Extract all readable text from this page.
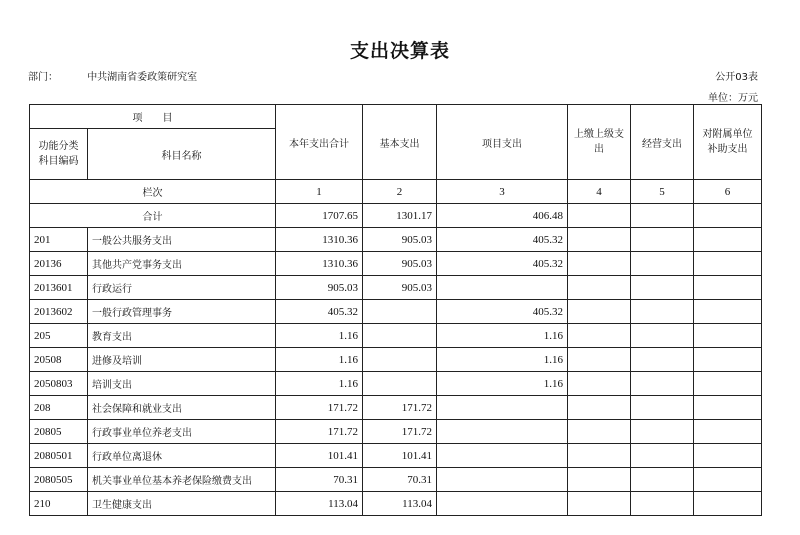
支出决算表
部门：	中共湖南省委政策研究室	公开03表
单位：万元
项　　目		本年支出合计	基本支出	项目支出	上缴上级支出	经营支出	对附属单位补助支出
功能分类科目编码	科目名称						
栏次		1	2	3	4	5	6
合计		1707.65	1301.17	406.48			
201	一般公共服务支出	1310.36	905.03	405.32			
20136	其他共产党事务支出	1310.36	905.03	405.32			
2013601	行政运行	905.03	905.03				
2013602	一般行政管理事务	405.32		405.32			
205	教育支出	1.16		1.16			
20508	进修及培训	1.16		1.16			
2050803	培训支出	1.16		1.16			
208	社会保障和就业支出	171.72	171.72				
20805	行政事业单位养老支出	171.72	171.72				
2080501	行政单位离退休	101.41	101.41				
2080505	机关事业单位基本养老保险缴费支出	70.31	70.31				
210	卫生健康支出	113.04	113.04				
